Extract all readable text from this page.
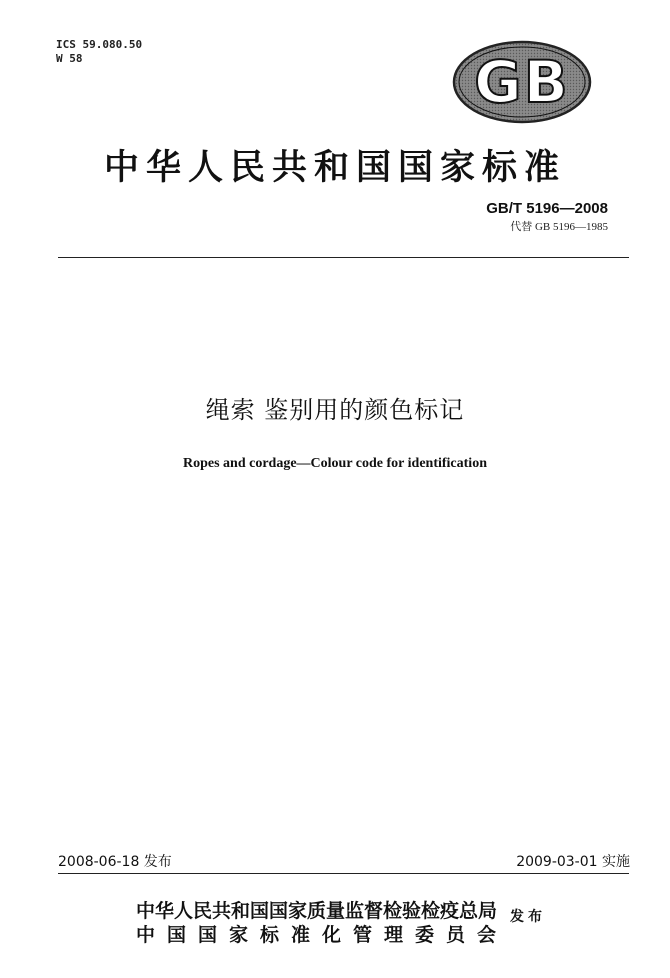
ICS 59.080.50
W 58	GB
中华人民共和国国家标准
GB/T 5196—2008
代替 GB 5196—1985
绳索 鉴别用的颜色标记
Ropes and cordage—Colour code for identification
2008-06-18 发布	2009-03-01 实施
中华人民共和国国家质量监督检验检疫总局
中国国家标准化管理委员会
发布
